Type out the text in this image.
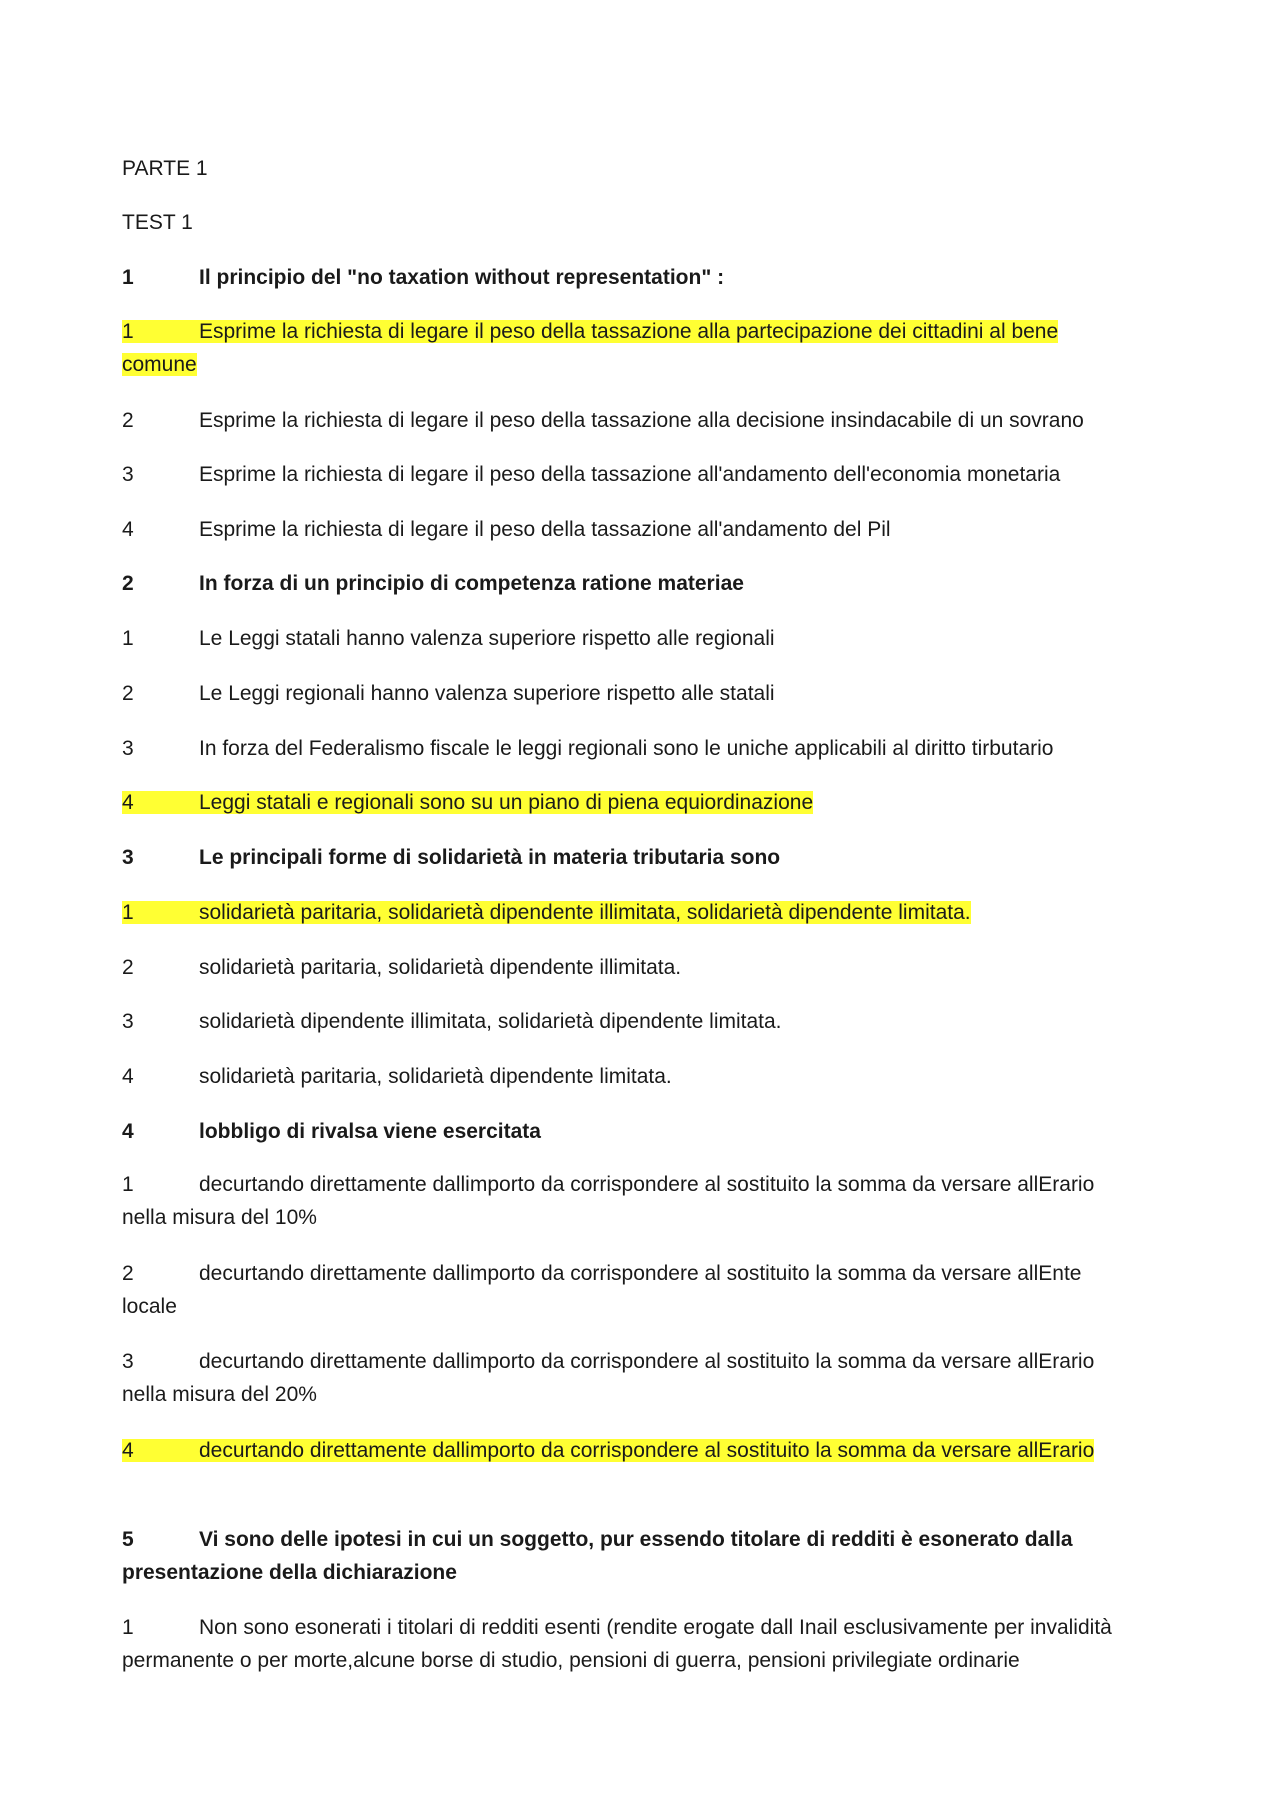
PARTE 1

TEST 1

1	Il principio del "no taxation without representation" :

1	Esprime la richiesta di legare il peso della tassazione alla partecipazione dei cittadini al bene
comune

2	Esprime la richiesta di legare il peso della tassazione alla decisione insindacabile di un sovrano

3	Esprime la richiesta di legare il peso della tassazione all'andamento dell'economia monetaria

4	Esprime la richiesta di legare il peso della tassazione all'andamento del Pil

2	In forza di un principio di competenza ratione materiae

1	Le Leggi statali hanno valenza superiore rispetto alle regionali

2	Le Leggi regionali hanno valenza superiore rispetto alle statali

3	In forza del Federalismo fiscale le leggi regionali sono le uniche applicabili al diritto tirbutario

4	Leggi statali e regionali sono su un piano di piena equiordinazione

3	Le principali forme di solidarietà in materia tributaria sono

1	solidarietà paritaria, solidarietà dipendente illimitata, solidarietà dipendente limitata.

2	solidarietà paritaria, solidarietà dipendente illimitata.

3	solidarietà dipendente illimitata, solidarietà dipendente limitata.

4	solidarietà paritaria, solidarietà dipendente limitata.

4	lobbligo di rivalsa viene esercitata

1	decurtando direttamente dallimporto da corrispondere al sostituito la somma da versare allErario
nella misura del 10%

2	decurtando direttamente dallimporto da corrispondere al sostituito la somma da versare allEnte
locale

3	decurtando direttamente dallimporto da corrispondere al sostituito la somma da versare allErario
nella misura del 20%

4	decurtando direttamente dallimporto da corrispondere al sostituito la somma da versare allErario

5	Vi sono delle ipotesi in cui un soggetto, pur essendo titolare di redditi è esonerato dalla
presentazione della dichiarazione

1	Non sono esonerati i titolari di redditi esenti (rendite erogate dall Inail esclusivamente per invalidità
permanente o per morte,alcune borse di studio, pensioni di guerra, pensioni privilegiate ordinarie
